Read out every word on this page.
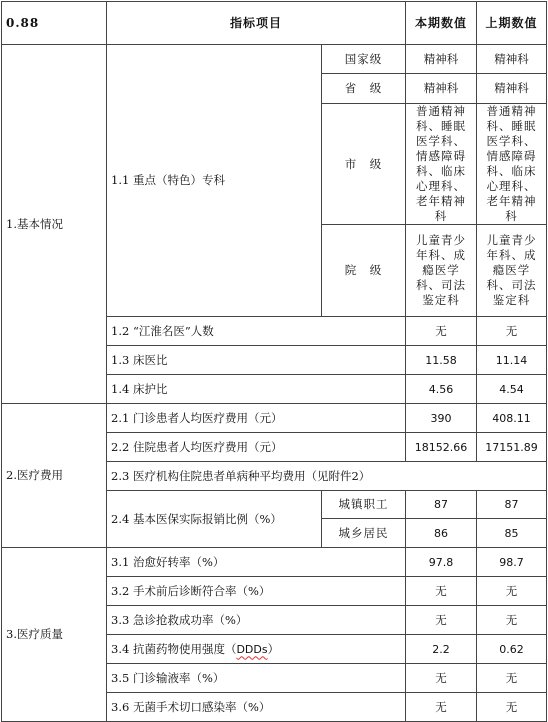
0.88	指标项目		本期数值	上期数值
1.基本情况	1.1 重点（特色）专科	国家级	精神科	精神科
		省　级	精神科	精神科
		市　级	普通精神科、睡眠医学科、情感障碍科、临床心理科、老年精神科	普通精神科、睡眠医学科、情感障碍科、临床心理科、老年精神科
		院　级	儿童青少年科、成瘾医学科、司法鉴定科	儿童青少年科、成瘾医学科、司法鉴定科
	1.2 “江淮名医”人数		无	无
	1.3 床医比		11.58	11.14
	1.4 床护比		4.56	4.54
2.医疗费用	2.1 门诊患者人均医疗费用（元）		390	408.11
	2.2 住院患者人均医疗费用（元）		18152.66	17151.89
	2.3 医疗机构住院患者单病种平均费用（见附件2）			
	2.4 基本医保实际报销比例（%）	城镇职工	87	87
		城乡居民	86	85
3.医疗质量	3.1 治愈好转率（%）		97.8	98.7
	3.2 手术前后诊断符合率（%）		无	无
	3.3 急诊抢救成功率（%）		无	无
	3.4 抗菌药物使用强度（DDDs）		2.2	0.62
	3.5 门诊输液率（%）		无	无
	3.6 无菌手术切口感染率（%）		无	无
